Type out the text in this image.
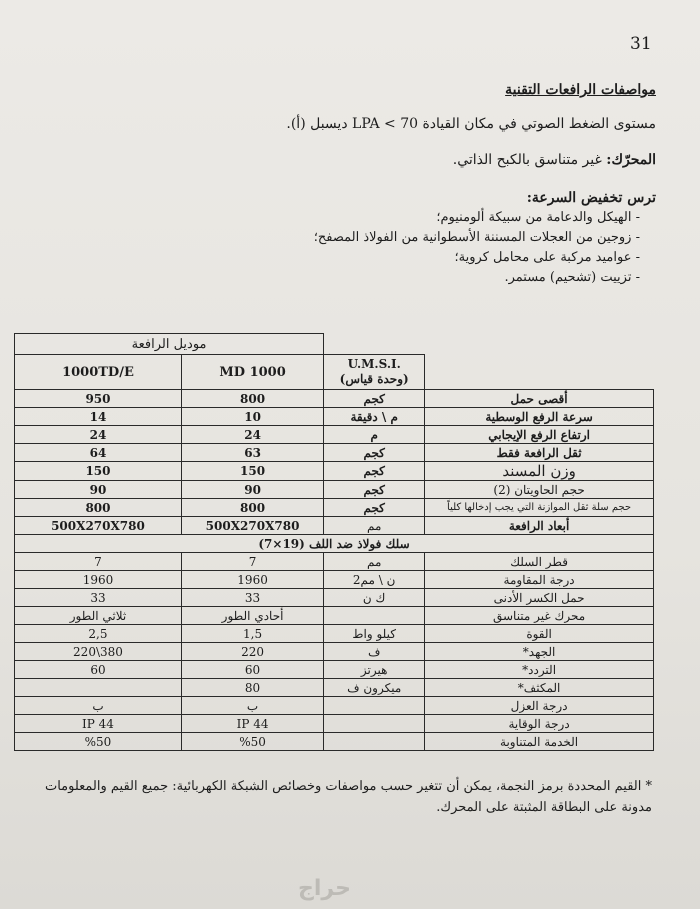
31
مواصفات الرافعات التقنية
مستوى الضغط الصوتي في مكان القيادة LPA < 70 ديسبل (أ).
المحرّك: غير متناسق بالكبح الذاتي.
ترس تخفيض السرعة:
- الهيكل والدعامة من سبيكة ألومنيوم؛
- زوجين من العجلات المسننة الأسطوانية من الفولاذ المصفح؛
- عواميد مركبة على محامل كروية؛
- تزييت (تشحيم) مستمر.
موديل الرافعة			
1000TD/E	MD 1000	U.M.S.I.
(وحدة قياس)	
950	800	كجم	أقصى حمل
14	10	م \ دقيقة	سرعة الرفع الوسطية
24	24	م	ارتفاع الرفع الإيجابي
64	63	كجم	ثقل الرافعة فقط
150	150	كجم	وزن المسند
90	90	كجم	حجم الحاويتان (2)
800	800	كجم	حجم سلة ثقل الموازنة التي يجب إدخالها كلياً
500X270X780	500X270X780	مم	أبعاد الرافعة
سلك فولاذ ضد اللف (19×7)			
7	7	مم	قطر السلك
1960	1960	ن \ مم2	درجة المقاومة
33	33	ك ن	حمل الكسر الأدنى
ثلاثي الطور	أحادي الطور		محرك غير متناسق
2,5	1,5	كيلو واط	القوة
220\380	220	ف	الجهد*
60	60	هيرتز	التردد*
	80	ميكرون ف	المكثف*
ب	ب		درجة العزل
IP 44	IP 44		درجة الوقاية
%50	%50		الخدمة المتناوبة
* القيم المحددة برمز النجمة، يمكن أن تتغير حسب مواصفات وخصائص الشبكة الكهربائية: جميع القيم والمعلومات مدونة على البطاقة المثبتة على المحرك.
حراج
